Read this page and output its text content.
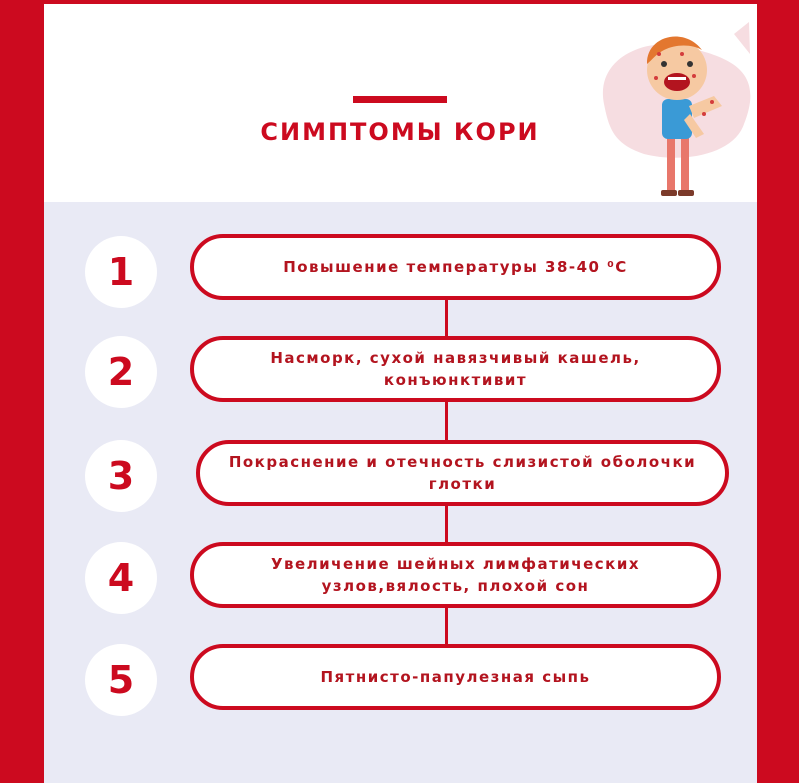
СИМПТОМЫ КОРИ
1	Повышение температуры 38-40 ⁰C
2	Насморк, сухой навязчивый кашель, конъюнктивит
3	Покраснение и отечность слизистой оболочки глотки
4	Увеличение шейных лимфатических узлов,вялость, плохой сон
5	Пятнисто-папулезная сыпь
